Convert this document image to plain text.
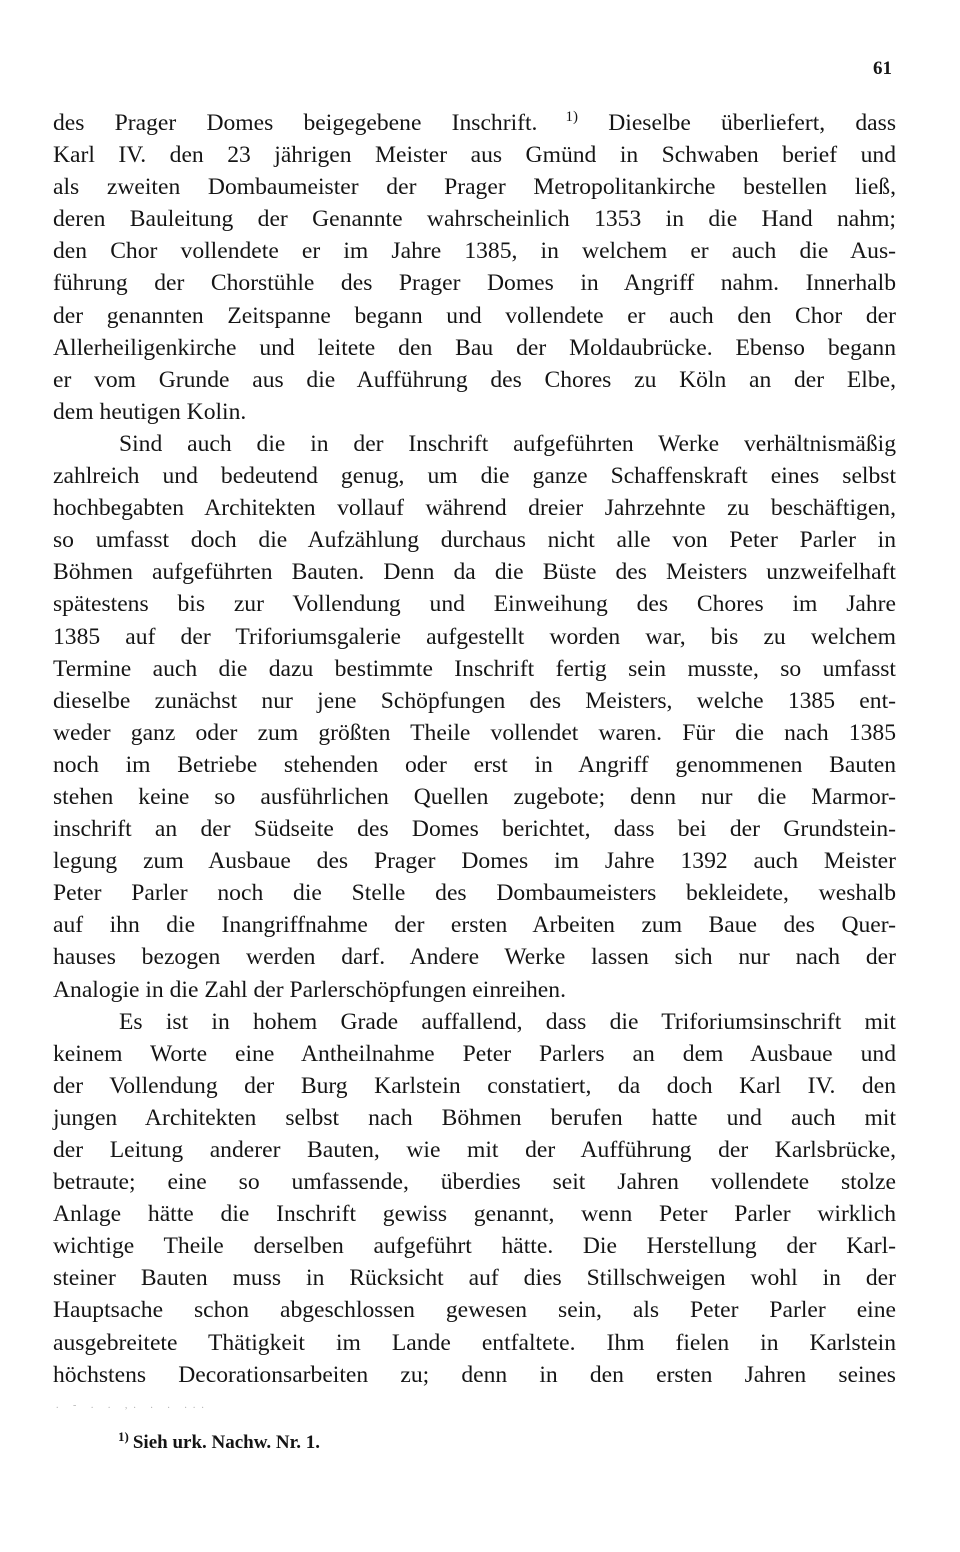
61
des Prager Domes beigegebene Inschrift. $^{1)}$ Dieselbe überliefert, dass
Karl IV. den 23 jährigen Meister aus Gmünd in Schwaben berief und
als zweiten Dombaumeister der Prager Metropolitankirche bestellen ließ,
deren Bauleitung der Genannte wahrscheinlich 1353 in die Hand nahm;
den Chor vollendete er im Jahre 1385, in welchem er auch die Aus-
führung der Chorstühle des Prager Domes in Angriff nahm. Innerhalb
der genannten Zeitspanne begann und vollendete er auch den Chor der
Allerheiligenkirche und leitete den Bau der Moldaubrücke. Ebenso begann
er vom Grunde aus die Aufführung des Chores zu Köln an der Elbe,
dem heutigen Kolin.
Sind auch die in der Inschrift aufgeführten Werke verhältnismäßig
zahlreich und bedeutend genug, um die ganze Schaffenskraft eines selbst
hochbegabten Architekten vollauf während dreier Jahrzehnte zu beschäftigen,
so umfasst doch die Aufzählung durchaus nicht alle von Peter Parler in
Böhmen aufgeführten Bauten. Denn da die Büste des Meisters unzweifelhaft
spätestens bis zur Vollendung und Einweihung des Chores im Jahre
1385 auf der Triforiumsgalerie aufgestellt worden war, bis zu welchem
Termine auch die dazu bestimmte Inschrift fertig sein musste, so umfasst
dieselbe zunächst nur jene Schöpfungen des Meisters, welche 1385 ent-
weder ganz oder zum größten Theile vollendet waren. Für die nach 1385
noch im Betriebe stehenden oder erst in Angriff genommenen Bauten
stehen keine so ausführlichen Quellen zugebote; denn nur die Marmor-
inschrift an der Südseite des Domes berichtet, dass bei der Grundstein-
legung zum Ausbaue des Prager Domes im Jahre 1392 auch Meister
Peter Parler noch die Stelle des Dombaumeisters bekleidete, weshalb
auf ihn die Inangriffnahme der ersten Arbeiten zum Baue des Quer-
hauses bezogen werden darf. Andere Werke lassen sich nur nach der
Analogie in die Zahl der Parlerschöpfungen einreihen.
Es ist in hohem Grade auffallend, dass die Triforiumsinschrift mit
keinem Worte eine Antheilnahme Peter Parlers an dem Ausbaue und
der Vollendung der Burg Karlstein constatiert, da doch Karl IV. den
jungen Architekten selbst nach Böhmen berufen hatte und auch mit
der Leitung anderer Bauten, wie mit der Aufführung der Karlsbrücke,
betraute; eine so umfassende, überdies seit Jahren vollendete stolze
Anlage hätte die Inschrift gewiss genannt, wenn Peter Parler wirklich
wichtige Theile derselben aufgeführt hätte. Die Herstellung der Karl-
steiner Bauten muss in Rücksicht auf dies Stillschweigen wohl in der
Hauptsache schon abgeschlossen gewesen sein, als Peter Parler eine
ausgebreitete Thätigkeit im Lande entfaltete. Ihm fielen in Karlstein
höchstens Decorationsarbeiten zu; denn in den ersten Jahren seines
. - . . ,. . . ...
$^{1)}$ Sieh urk. Nachw. Nr. 1.
